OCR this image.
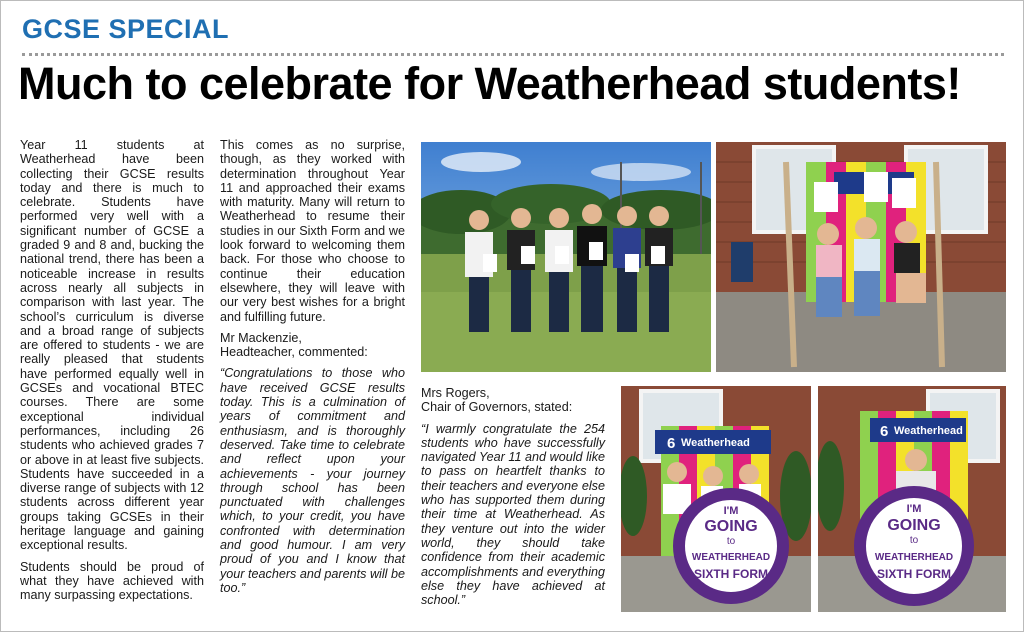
GCSE SPECIAL
Much to celebrate for Weatherhead students!

Year 11 students at Weatherhead have been collecting their GCSE results today and there is much to celebrate. Students have performed very well with a significant number of GCSE a graded 9 and 8 and, bucking the national trend, there has been a noticeable increase in results across nearly all subjects in comparison with last year. The school’s curriculum is diverse and a broad range of subjects are offered to students - we are really pleased that students have performed equally well in GCSEs and vocational BTEC courses. There are some exceptional individual performances, including 26 students who achieved grades 7 or above in at least five subjects. Students have succeeded in a diverse range of subjects with 12 students across different year groups taking GCSEs in their heritage language and gaining exceptional results.

Students should be proud of what they have achieved with many surpassing expectations.

This comes as no surprise, though, as they worked with determination throughout Year 11 and approached their exams with maturity. Many will return to Weatherhead to resume their studies in our Sixth Form and we look forward to welcoming them back. For those who choose to continue their education elsewhere, they will leave with our very best wishes for a bright and fulfilling future.

Mr Mackenzie,

Headteacher, commented:

“Congratulations to those who have received GCSE results today. This is a culmination of years of commitment and enthusiasm, and is thoroughly deserved. Take time to celebrate and reflect upon your achievements - your journey through school has been punctuated with challenges which, to your credit, you have confronted with determination and good humour. I am very proud of you and I know that your teachers and parents will be too.”

Mrs Rogers,

Chair of Governors, stated:

“I warmly congratulate the 254 students who have successfully navigated Year 11 and would like to pass on heartfelt thanks to their teachers and everyone else who has supported them during their time at Weatherhead. As they venture out into the wider world, they should take confidence from their academic accomplishments and everything else they have achieved at school.”

6 Weatherhead
I'M
GOING
to
WEATHERHEAD
SIXTH FORM
6 Weatherhead
I'M
GOING
to
WEATHERHEAD
SIXTH FORM
